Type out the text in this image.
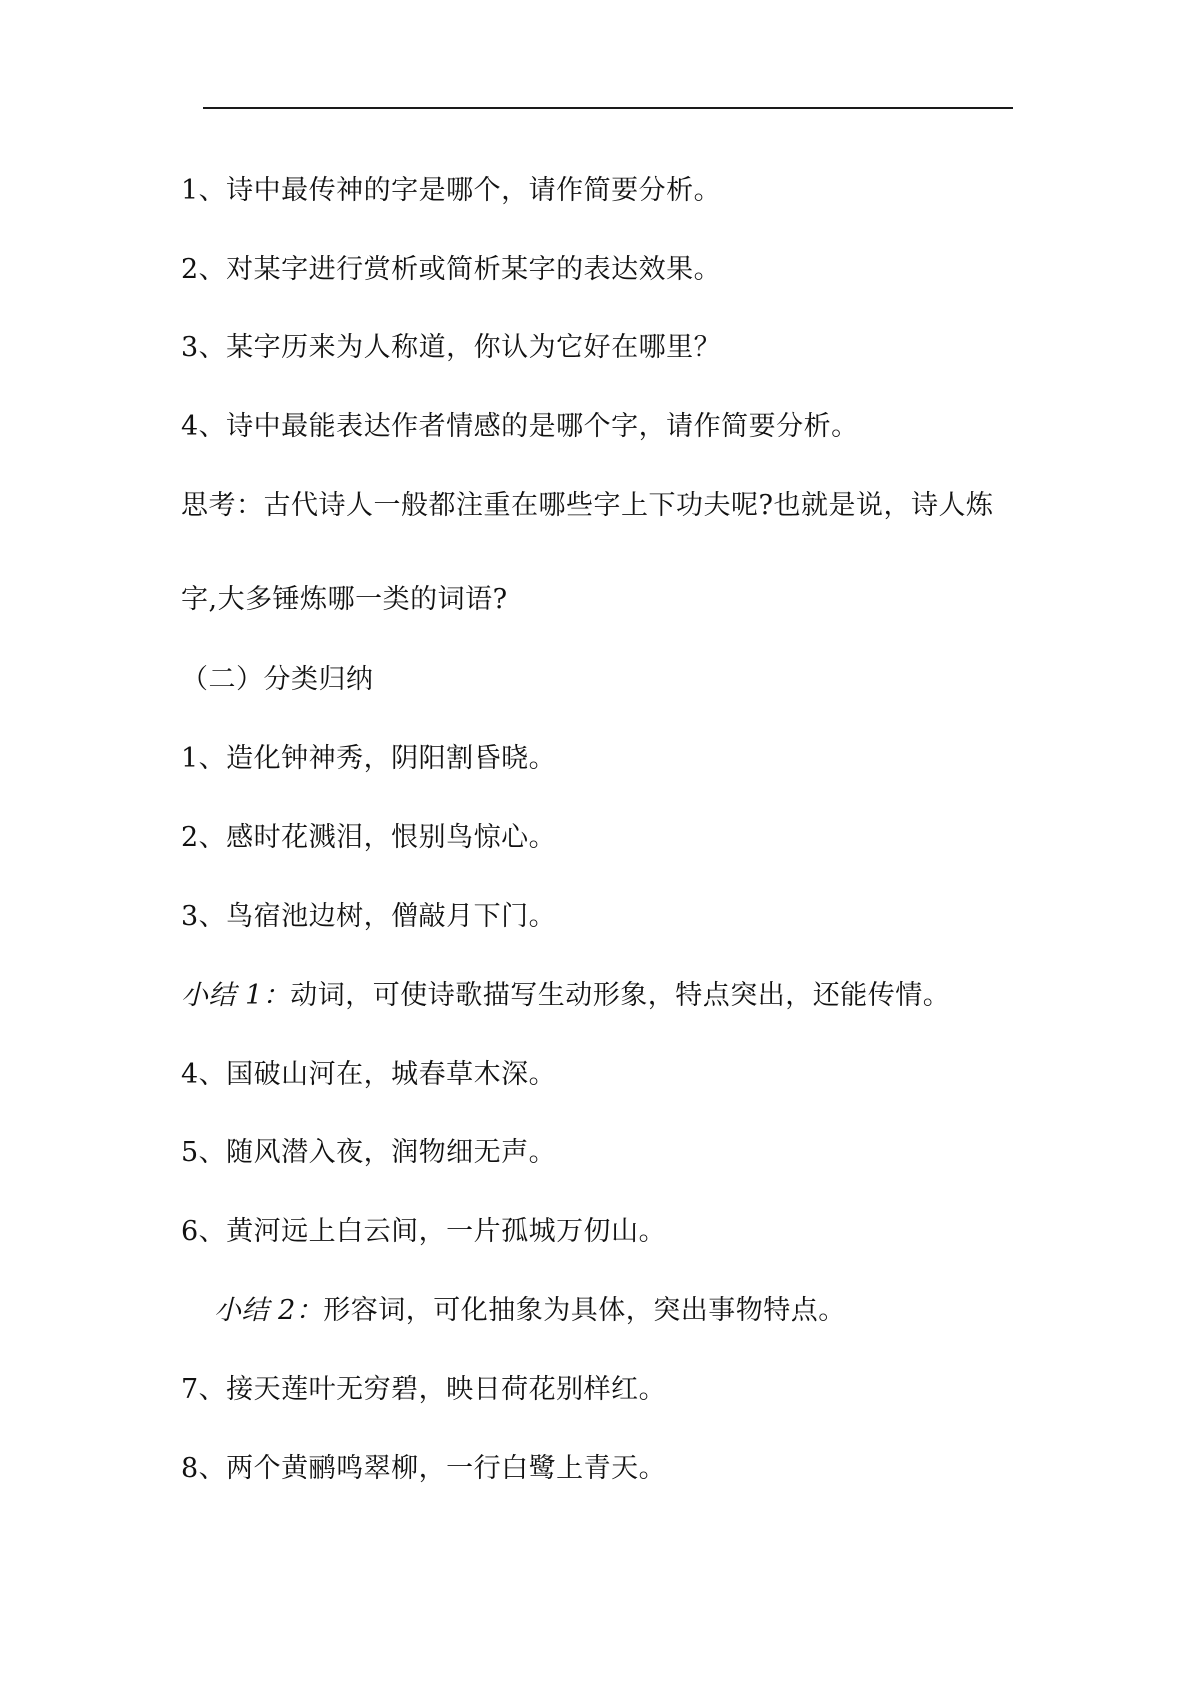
1、诗中最传神的字是哪个，请作简要分析。
2、对某字进行赏析或简析某字的表达效果。
3、某字历来为人称道，你认为它好在哪里？
4、诗中最能表达作者情感的是哪个字，请作简要分析。
思考：古代诗人一般都注重在哪些字上下功夫呢?也就是说，诗人炼
字,大多锤炼哪一类的词语?
（二）分类归纳
1、造化钟神秀，阴阳割昏晓。
2、感时花溅泪，恨别鸟惊心。
3、鸟宿池边树，僧敲月下门。
小结 1：动词，可使诗歌描写生动形象，特点突出，还能传情。
4、国破山河在，城春草木深。
5、随风潜入夜，润物细无声。
6、黄河远上白云间，一片孤城万仞山。
小结 2：形容词，可化抽象为具体，突出事物特点。
7、接天莲叶无穷碧，映日荷花别样红。
8、两个黄鹂鸣翠柳，一行白鹭上青天。
